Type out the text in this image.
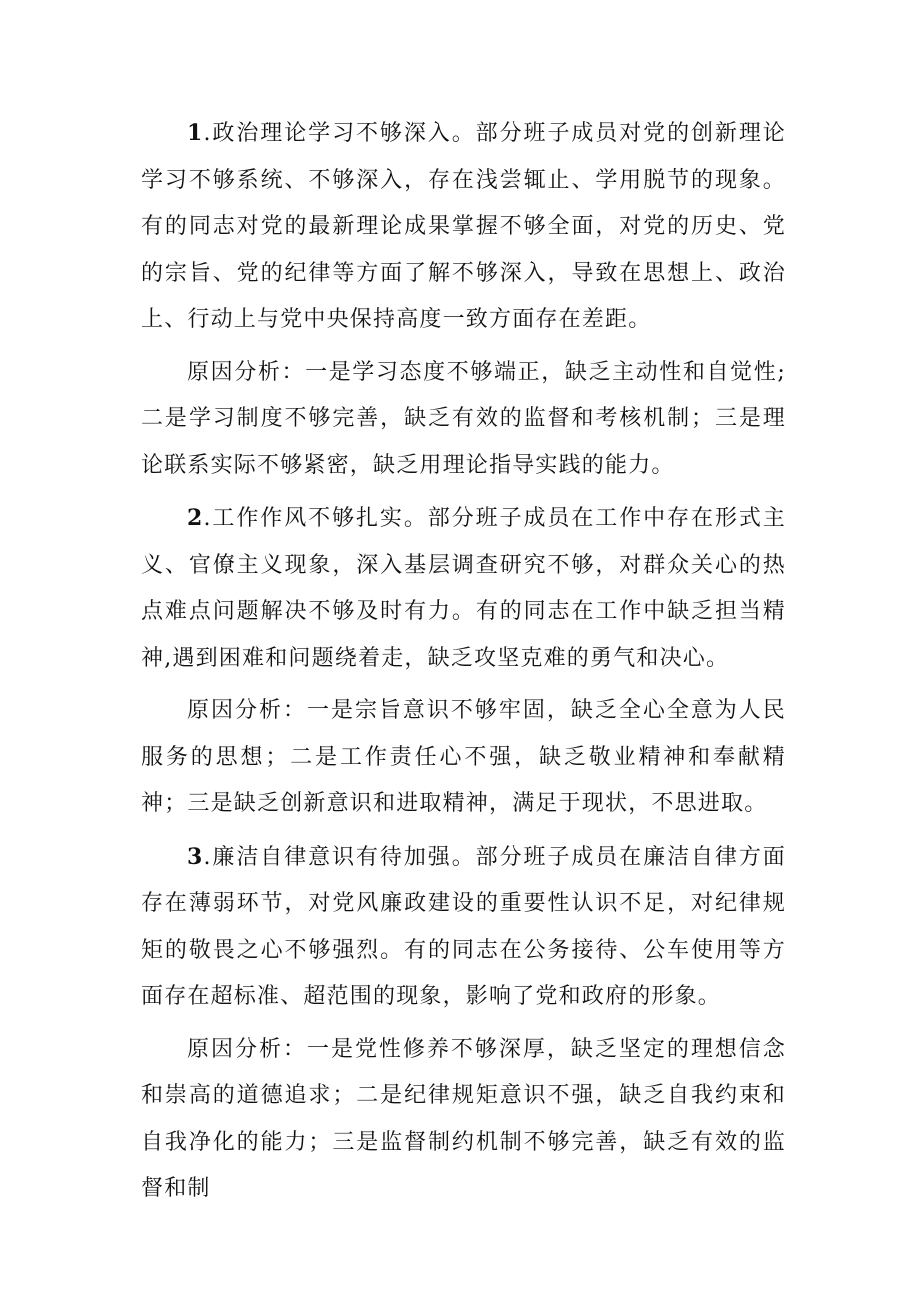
1.政治理论学习不够深入。部分班子成员对党的创新理论学习不够系统、不够深入，存在浅尝辄止、学用脱节的现象。有的同志对党的最新理论成果掌握不够全面，对党的历史、党的宗旨、党的纪律等方面了解不够深入，导致在思想上、政治上、行动上与党中央保持高度一致方面存在差距。

原因分析：一是学习态度不够端正，缺乏主动性和自觉性;二是学习制度不够完善，缺乏有效的监督和考核机制；三是理论联系实际不够紧密，缺乏用理论指导实践的能力。

2.工作作风不够扎实。部分班子成员在工作中存在形式主义、官僚主义现象，深入基层调查研究不够，对群众关心的热点难点问题解决不够及时有力。有的同志在工作中缺乏担当精神,遇到困难和问题绕着走，缺乏攻坚克难的勇气和决心。

原因分析：一是宗旨意识不够牢固，缺乏全心全意为人民服务的思想；二是工作责任心不强，缺乏敬业精神和奉献精神；三是缺乏创新意识和进取精神，满足于现状，不思进取。

3.廉洁自律意识有待加强。部分班子成员在廉洁自律方面存在薄弱环节，对党风廉政建设的重要性认识不足，对纪律规矩的敬畏之心不够强烈。有的同志在公务接待、公车使用等方面存在超标准、超范围的现象，影响了党和政府的形象。

原因分析：一是党性修养不够深厚，缺乏坚定的理想信念和崇高的道德追求；二是纪律规矩意识不强，缺乏自我约束和自我净化的能力；三是监督制约机制不够完善，缺乏有效的监督和制
